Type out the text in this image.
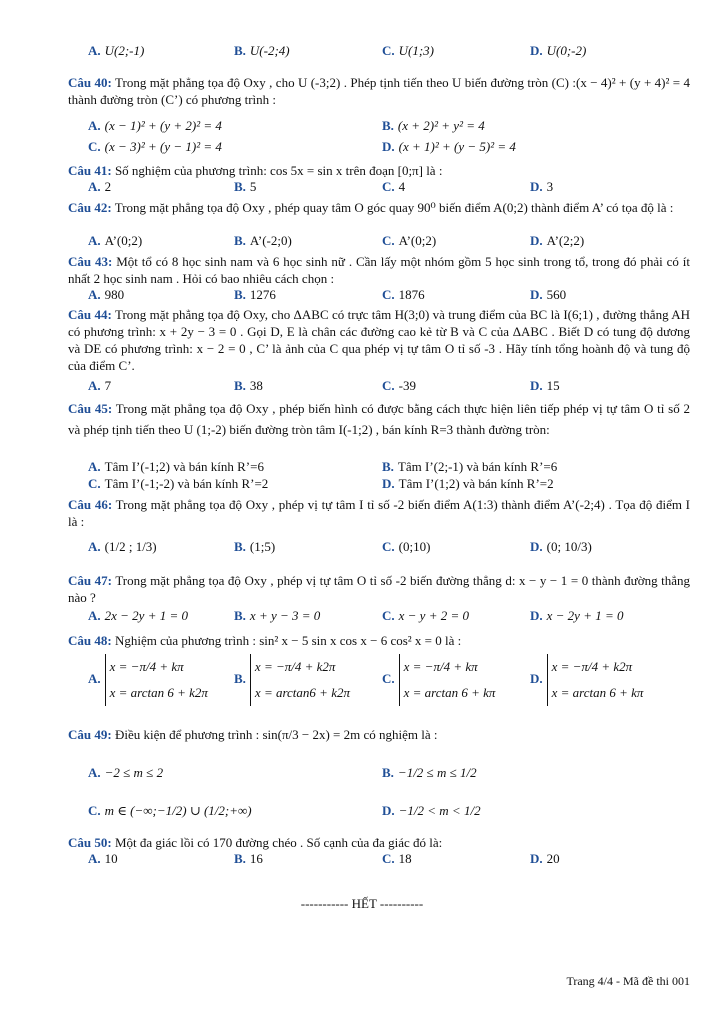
A. U(2;-1)	B. U(-2;4)	C. U(1;3)	D. U(0;-2)
Câu 40: Trong mặt phẳng tọa độ Oxy , cho U (-3;2) . Phép tịnh tiến theo U biến đường tròn (C) :(x − 4)² + (y + 4)² = 4 thành đường tròn (C’) có phương trình :
A. (x − 1)² + (y + 2)² = 4	B. (x + 2)² + y² = 4
C. (x − 3)² + (y − 1)² = 4	D. (x + 1)² + (y − 5)² = 4
Câu 41: Số nghiệm của phương trình: cos 5x = sin x trên đoạn [0;π] là :
A. 2	B. 5	C. 4	D. 3
Câu 42: Trong mặt phẳng tọa độ Oxy , phép quay tâm O góc quay 90⁰ biến điểm A(0;2) thành điểm A’ có tọa độ là :
A. A’(0;2)	B. A’(-2;0)	C. A’(0;2)	D. A’(2;2)
Câu 43: Một tổ có 8 học sinh nam và 6 học sinh nữ . Cần lấy một nhóm gồm 5 học sinh trong tổ, trong đó phải có ít nhất 2 học sinh nam . Hỏi có bao nhiêu cách chọn :
A. 980	B. 1276	C. 1876	D. 560
Câu 44: Trong mặt phẳng tọa độ Oxy, cho ΔABC có trực tâm H(3;0) và trung điểm của BC là I(6;1) , đường thẳng AH có phương trình: x + 2y − 3 = 0 . Gọi D, E là chân các đường cao kẻ từ B và C của ΔABC . Biết D có tung độ dương và DE có phương trình: x − 2 = 0 , C’ là ảnh của C qua phép vị tự tâm O tỉ số -3 . Hãy tính tổng hoành độ và tung độ của điểm C’.
A. 7	B. 38	C. -39	D. 15
Câu 45: Trong mặt phẳng tọa độ Oxy , phép biến hình có được bằng cách thực hiện liên tiếp phép vị tự tâm O tỉ số 2 và phép tịnh tiến theo U (1;-2) biến đường tròn tâm I(-1;2) , bán kính R=3 thành đường tròn:
A. Tâm I’(-1;2) và bán kính R’=6	B. Tâm I’(2;-1) và bán kính R’=6
C. Tâm I’(-1;-2) và bán kính R’=2	D. Tâm I’(1;2) và bán kính R’=2
Câu 46: Trong mặt phẳng tọa độ Oxy , phép vị tự tâm I tỉ số -2 biến điểm A(1:3) thành điểm A’(-2;4) . Tọa độ điểm I là :
A. (1/2 ; 1/3)	B. (1;5)	C. (0;10)	D. (0; 10/3)
Câu 47: Trong mặt phẳng tọa độ Oxy , phép vị tự tâm O tỉ số -2 biến đường thẳng d: x − y − 1 = 0 thành đường thẳng nào ?
A. 2x − 2y + 1 = 0	B. x + y − 3 = 0	C. x − y + 2 = 0	D. x − 2y + 1 = 0
Câu 48: Nghiệm của phương trình : sin² x − 5 sin x cos x − 6 cos² x = 0 là :
A.
x = −π/4 + kπ
x = arctan 6 + k2π
B.
x = −π/4 + k2π
x = arctan6 + k2π
C.
x = −π/4 + kπ
x = arctan 6 + kπ
D.
x = −π/4 + k2π
x = arctan 6 + kπ
Câu 49: Điều kiện để phương trình : sin(π/3 − 2x) = 2m có nghiệm là :
A. −2 ≤ m ≤ 2	B. −1/2 ≤ m ≤ 1/2
C. m ∈ (−∞;−1/2) ∪ (1/2;+∞)	D. −1/2 < m < 1/2
Câu 50: Một đa giác lồi có 170 đường chéo . Số cạnh của đa giác đó là:
A. 10	B. 16	C. 18	D. 20
----------- HẾT ----------
Trang 4/4 - Mã đề thi 001
